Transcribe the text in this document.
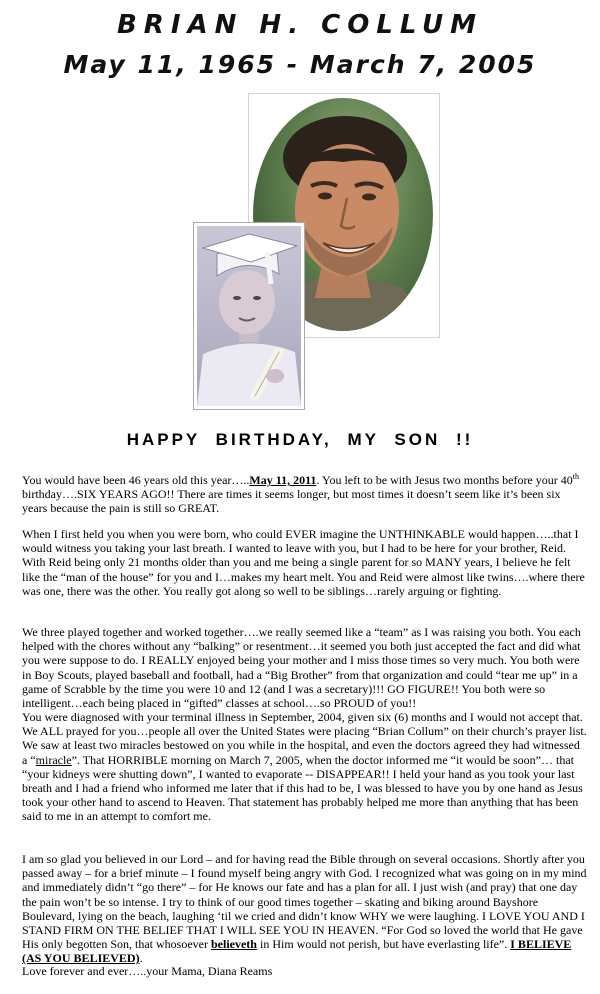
BRIAN H. COLLUM
May 11, 1965 - March 7, 2005
HAPPY BIRTHDAY, MY SON !!

You would have been 46 years old this year…..May 11, 2011. You left to be with Jesus two months before your 40th birthday….SIX YEARS AGO!! There are times it seems longer, but most times it doesn’t seem like it’s been six years because the pain is still so GREAT.

When I first held you when you were born, who could EVER imagine the UNTHINKABLE would happen…..that I would witness you taking your last breath. I wanted to leave with you, but I had to be here for your brother, Reid. With Reid being only 21 months older than you and me being a single parent for so MANY years, I believe he felt like the “man of the house” for you and I…makes my heart melt. You and Reid were almost like twins….where there was one, there was the other. You really got along so well to be siblings…rarely arguing or fighting.

We three played together and worked together….we really seemed like a “team” as I was raising you both. You each helped with the chores without any “balking” or resentment…it seemed you both just accepted the fact and did what you were suppose to do. I REALLY enjoyed being your mother and I miss those times so very much. You both were in Boy Scouts, played baseball and football, had a “Big Brother” from that organization and could “tear me up” in a game of Scrabble by the time you were 10 and 12 (and I was a secretary)!!! GO FIGURE!! You both were so intelligent…each being placed in “gifted” classes at school….so PROUD of you!!

You were diagnosed with your terminal illness in September, 2004, given six (6) months and I would not accept that. We ALL prayed for you…people all over the United States were placing “Brian Collum” on their church’s prayer list. We saw at least two miracles bestowed on you while in the hospital, and even the doctors agreed they had witnessed a “miracle”. That HORRIBLE morning on March 7, 2005, when the doctor informed me “it would be soon”… that “your kidneys were shutting down”, I wanted to evaporate -- DISAPPEAR!! I held your hand as you took your last breath and I had a friend who informed me later that if this had to be, I was blessed to have you by one hand as Jesus took your other hand to ascend to Heaven. That statement has probably helped me more than anything that has been said to me in an attempt to comfort me.

I am so glad you believed in our Lord – and for having read the Bible through on several occasions. Shortly after you passed away – for a brief minute – I found myself being angry with God. I recognized what was going on in my mind and immediately didn’t “go there” – for He knows our fate and has a plan for all. I just wish (and pray) that one day the pain won’t be so intense. I try to think of our good times together – skating and biking around Bayshore Boulevard, lying on the beach, laughing ‘til we cried and didn’t know WHY we were laughing. I LOVE YOU AND I STAND FIRM ON THE BELIEF THAT I WILL SEE YOU IN HEAVEN. “For God so loved the world that He gave His only begotten Son, that whosoever believeth in Him would not perish, but have everlasting life”. I BELIEVE (AS YOU BELIEVED).

Love forever and ever…..your Mama, Diana Reams
